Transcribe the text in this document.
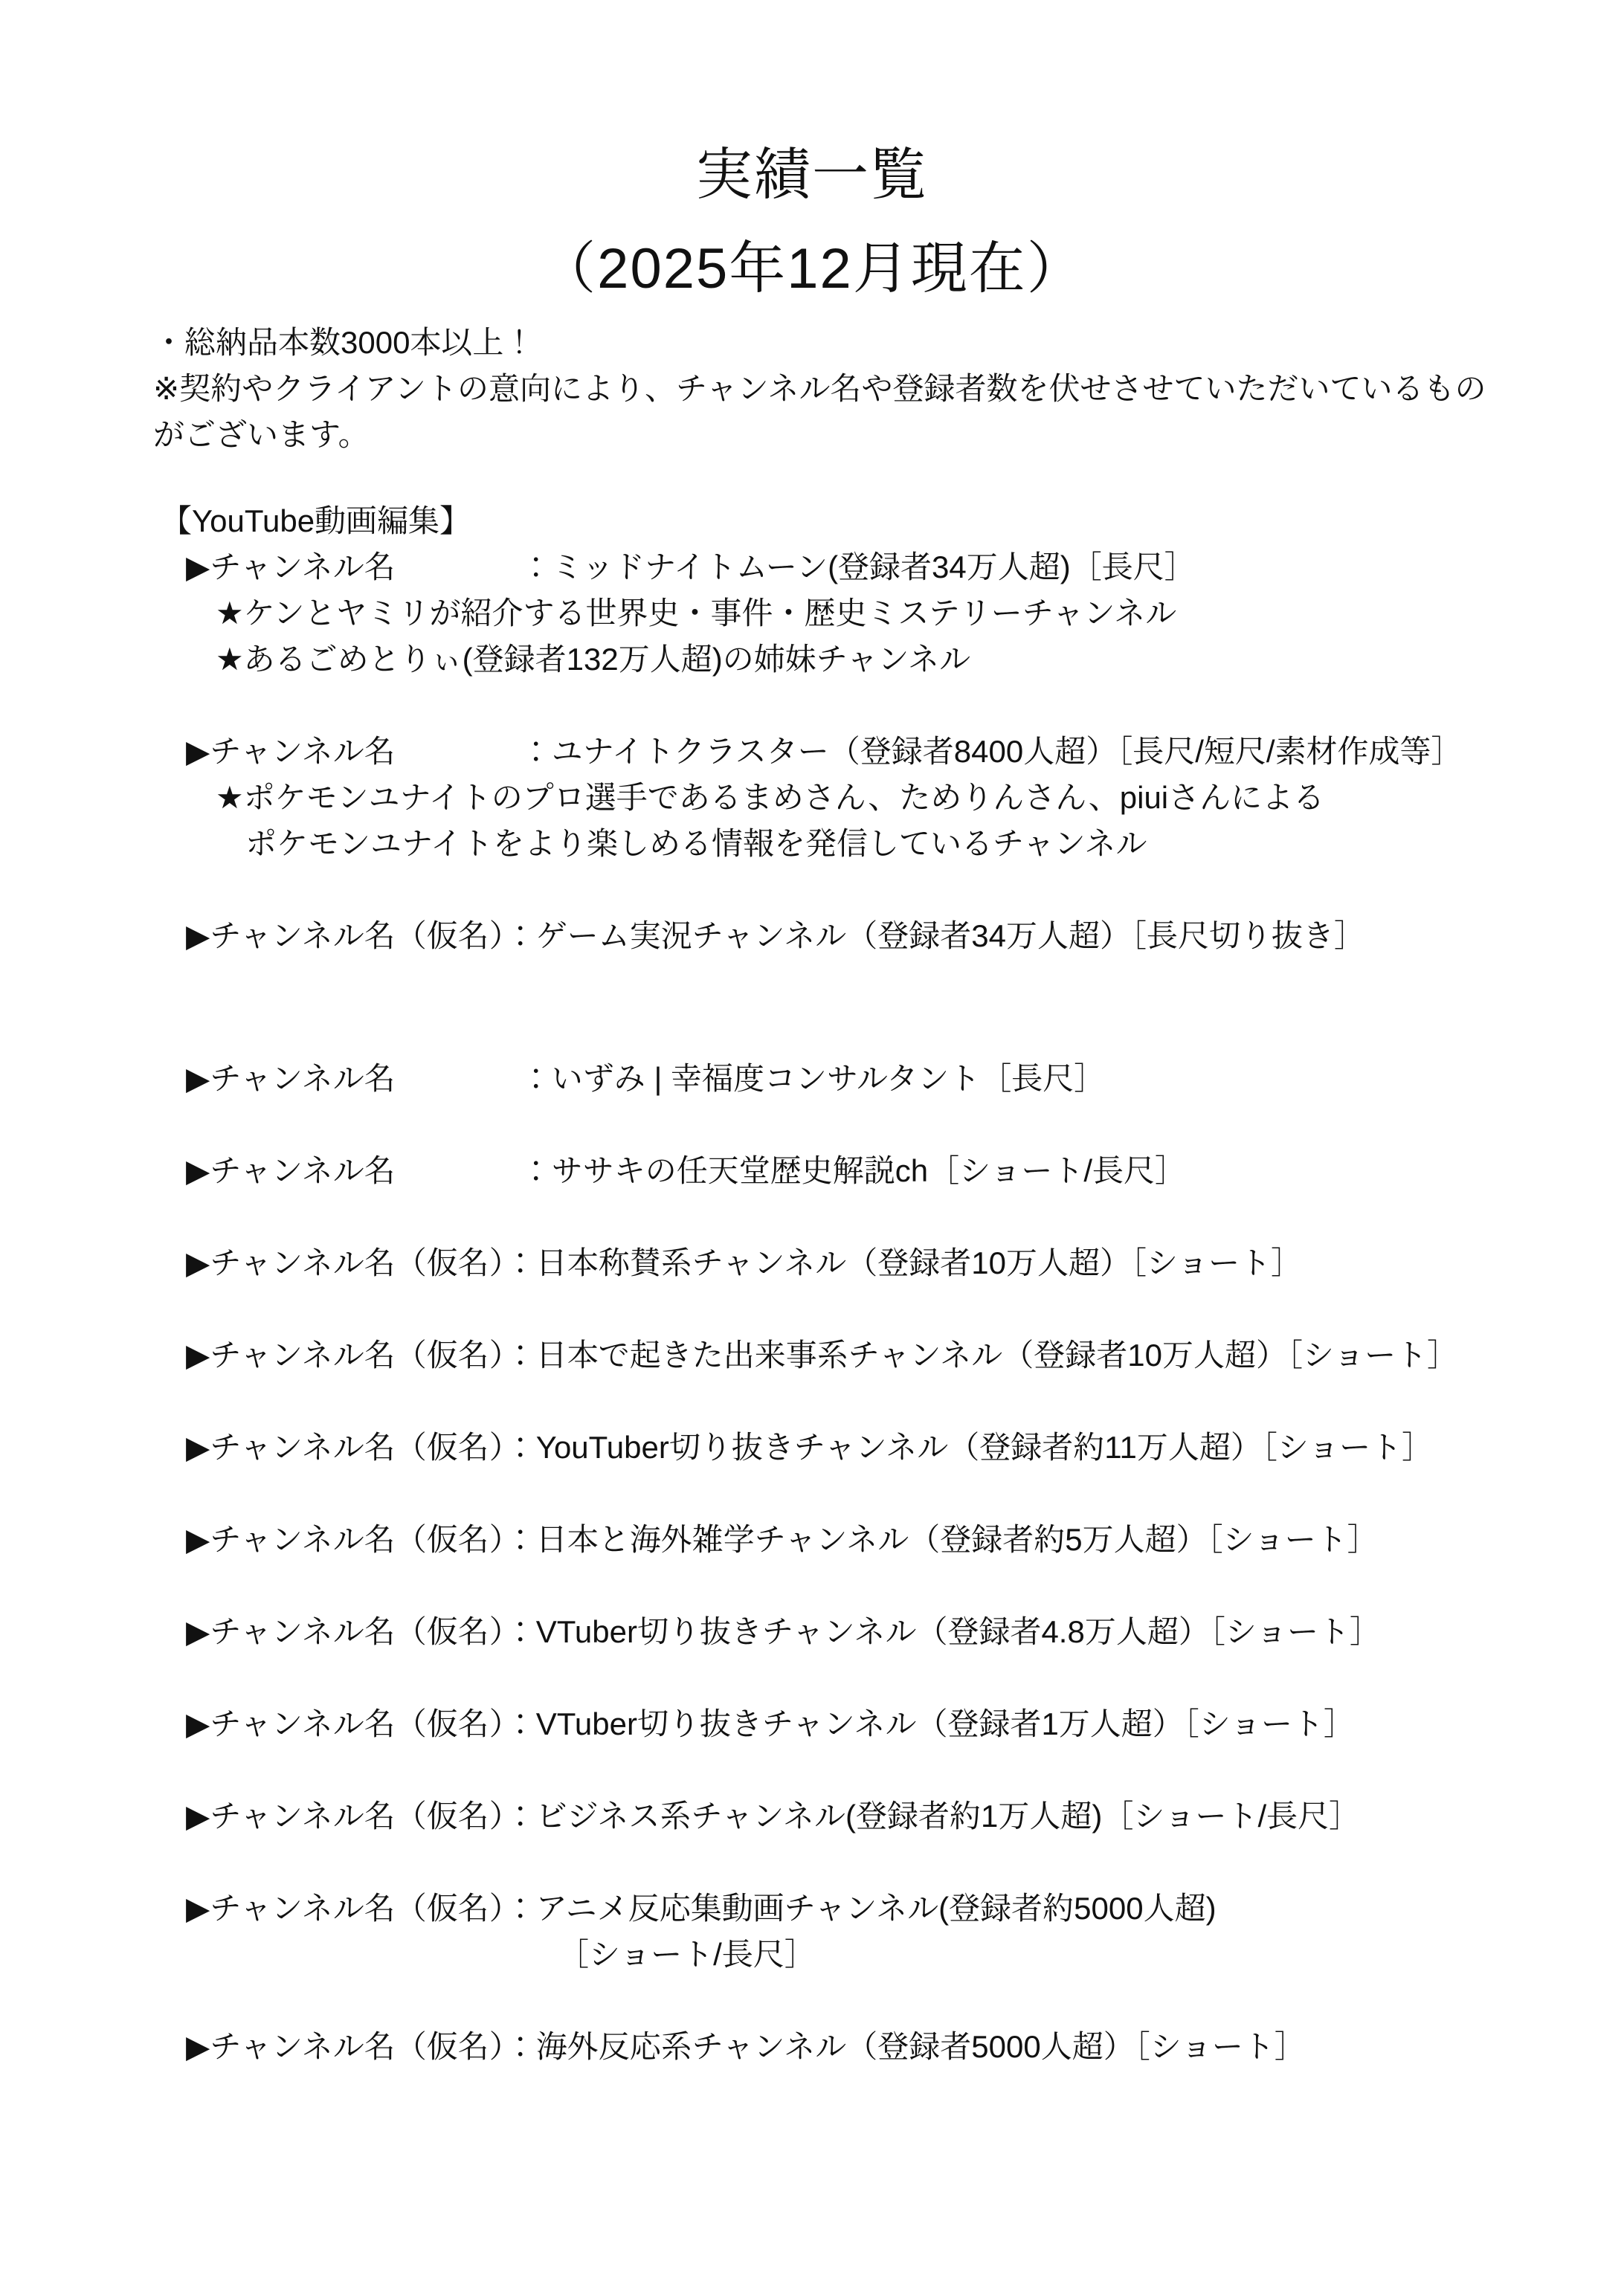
実績一覧
（2025年12月現在）
・総納品本数3000本以上！
※契約やクライアントの意向により、チャンネル名や登録者数を伏せさせていただいているもの
がございます。
【YouTube動画編集】
▶チャンネル名　　　　：ミッドナイトムーン(登録者34万人超)［長尺］
★ケンとヤミリが紹介する世界史・事件・歴史ミステリーチャンネル
★あるごめとりぃ(登録者132万人超)の姉妹チャンネル
▶チャンネル名　　　　：ユナイトクラスター（登録者8400人超）［長尺/短尺/素材作成等］
★ポケモンユナイトのプロ選手であるまめさん、ためりんさん、piuiさんによる
ポケモンユナイトをより楽しめる情報を発信しているチャンネル
▶チャンネル名（仮名）：ゲーム実況チャンネル（登録者34万人超）［長尺切り抜き］
▶チャンネル名　　　　：いずみ | 幸福度コンサルタント［長尺］
▶チャンネル名　　　　：ササキの任天堂歴史解説ch［ショート/長尺］
▶チャンネル名（仮名）：日本称賛系チャンネル（登録者10万人超）［ショート］
▶チャンネル名（仮名）：日本で起きた出来事系チャンネル（登録者10万人超）［ショート］
▶チャンネル名（仮名）：YouTuber切り抜きチャンネル（登録者約11万人超）［ショート］
▶チャンネル名（仮名）：日本と海外雑学チャンネル（登録者約5万人超）［ショート］
▶チャンネル名（仮名）：VTuber切り抜きチャンネル（登録者4.8万人超）［ショート］
▶チャンネル名（仮名）：VTuber切り抜きチャンネル（登録者1万人超）［ショート］
▶チャンネル名（仮名）：ビジネス系チャンネル(登録者約1万人超)［ショート/長尺］
▶チャンネル名（仮名）：アニメ反応集動画チャンネル(登録者約5000人超)
［ショート/長尺］
▶チャンネル名（仮名）：海外反応系チャンネル（登録者5000人超）［ショート］
